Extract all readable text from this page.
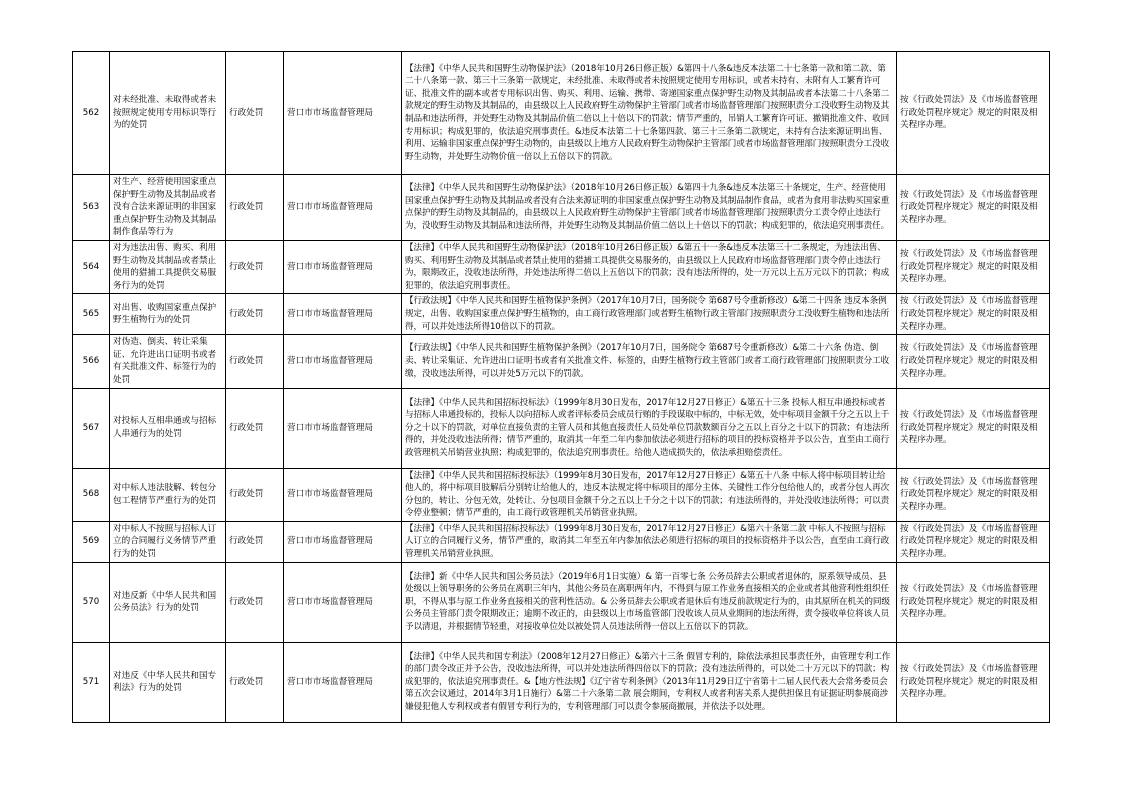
562	对未经批准、未取得或者未按照规定使用专用标识等行为的处罚	行政处罚	营口市市场监督管理局	【法律】《中华人民共和国野生动物保护法》（2018年10月26日修正版）&第四十八条&违反本法第二十七条第一款和第二款、第二十八条第一款、第三十三条第一款规定，未经批准、未取得或者未按照规定使用专用标识，或者未持有、未附有人工繁育许可证、批准文件的副本或者专用标识出售、购买、利用、运输、携带、寄递国家重点保护野生动物及其制品或者本法第二十八条第二款规定的野生动物及其制品的，由县级以上人民政府野生动物保护主管部门或者市场监督管理部门按照职责分工没收野生动物及其制品和违法所得，并处野生动物及其制品价值二倍以上十倍以下的罚款；情节严重的，吊销人工繁育许可证、撤销批准文件、收回专用标识；构成犯罪的，依法追究刑事责任。&违反本法第二十七条第四款、第三十三条第二款规定，未持有合法来源证明出售、利用、运输非国家重点保护野生动物的，由县级以上地方人民政府野生动物保护主管部门或者市场监督管理部门按照职责分工没收野生动物，并处野生动物价值一倍以上五倍以下的罚款。	按《行政处罚法》及《市场监督管理行政处罚程序规定》规定的时限及相关程序办理。
563	对生产、经营使用国家重点保护野生动物及其制品或者没有合法来源证明的非国家重点保护野生动物及其制品制作食品等行为	行政处罚	营口市市场监督管理局	【法律】《中华人民共和国野生动物保护法》（2018年10月26日修正版）&第四十九条&违反本法第三十条规定，生产、经营使用国家重点保护野生动物及其制品或者没有合法来源证明的非国家重点保护野生动物及其制品制作食品，或者为食用非法购买国家重点保护的野生动物及其制品的，由县级以上人民政府野生动物保护主管部门或者市场监督管理部门按照职责分工责令停止违法行为，没收野生动物及其制品和违法所得，并处野生动物及其制品价值二倍以上十倍以下的罚款；构成犯罪的，依法追究刑事责任。	按《行政处罚法》及《市场监督管理行政处罚程序规定》规定的时限及相关程序办理。
564	对为违法出售、购买、利用野生动物及其制品或者禁止使用的猎捕工具提供交易服务行为的处罚	行政处罚	营口市市场监督管理局	【法律】《中华人民共和国野生动物保护法》（2018年10月26日修正版）&第五十一条&违反本法第三十二条规定，为违法出售、购买、利用野生动物及其制品或者禁止使用的猎捕工具提供交易服务的，由县级以上人民政府市场监督管理部门责令停止违法行为，限期改正，没收违法所得，并处违法所得二倍以上五倍以下的罚款；没有违法所得的，处一万元以上五万元以下的罚款；构成犯罪的，依法追究刑事责任。	按《行政处罚法》及《市场监督管理行政处罚程序规定》规定的时限及相关程序办理。
565	对出售、收购国家重点保护野生植物行为的处罚	行政处罚	营口市市场监督管理局	【行政法规】《中华人民共和国野生植物保护条例》（2017年10月7日，国务院令 第687号令重新修改）&第二十四条 违反本条例规定，出售、收购国家重点保护野生植物的，由工商行政管理部门或者野生植物行政主管部门按照职责分工没收野生植物和违法所得，可以并处违法所得10倍以下的罚款。	按《行政处罚法》及《市场监督管理行政处罚程序规定》规定的时限及相关程序办理。
566	对伪造、倒卖、转让采集证、允许进出口证明书或者有关批准文件、标签行为的处罚	行政处罚	营口市市场监督管理局	【行政法规】《中华人民共和国野生植物保护条例》（2017年10月7日，国务院令 第687号令重新修改）&第二十六条 伪造、倒卖、转让采集证、允许进出口证明书或者有关批准文件、标签的，由野生植物行政主管部门或者工商行政管理部门按照职责分工收缴，没收违法所得，可以并处5万元以下的罚款。	按《行政处罚法》及《市场监督管理行政处罚程序规定》规定的时限及相关程序办理。
567	对投标人互相串通或与招标人串通行为的处罚	行政处罚	营口市市场监督管理局	【法律】《中华人民共和国招标投标法》（1999年8月30日发布，2017年12月27日修正）&第五十三条 投标人相互串通投标或者与招标人串通投标的，投标人以向招标人或者评标委员会成员行贿的手段谋取中标的，中标无效，处中标项目金额千分之五以上千分之十以下的罚款，对单位直接负责的主管人员和其他直接责任人员处单位罚款数额百分之五以上百分之十以下的罚款；有违法所得的，并处没收违法所得；情节严重的，取消其一年至二年内参加依法必须进行招标的项目的投标资格并予以公告，直至由工商行政管理机关吊销营业执照；构成犯罪的，依法追究刑事责任。给他人造成损失的，依法承担赔偿责任。	按《行政处罚法》及《市场监督管理行政处罚程序规定》规定的时限及相关程序办理。
568	对中标人违法肢解、转包分包工程情节严重行为的处罚	行政处罚	营口市市场监督管理局	【法律】《中华人民共和国招标投标法》（1999年8月30日发布，2017年12月27日修正）&第五十八条 中标人将中标项目转让给他人的，将中标项目肢解后分别转让给他人的，违反本法规定将中标项目的部分主体、关键性工作分包给他人的，或者分包人再次分包的，转让、分包无效，处转让、分包项目金额千分之五以上千分之十以下的罚款；有违法所得的，并处没收违法所得；可以责令停业整顿；情节严重的，由工商行政管理机关吊销营业执照。	按《行政处罚法》及《市场监督管理行政处罚程序规定》规定的时限及相关程序办理。
569	对中标人不按照与招标人订立的合同履行义务情节严重行为的处罚	行政处罚	营口市市场监督管理局	【法律】《中华人民共和国招标投标法》（1999年8月30日发布，2017年12月27日修正）&第六十条第二款 中标人不按照与招标人订立的合同履行义务，情节严重的，取消其二年至五年内参加依法必须进行招标的项目的投标资格并予以公告，直至由工商行政管理机关吊销营业执照。	按《行政处罚法》及《市场监督管理行政处罚程序规定》规定的时限及相关程序办理。
570	对违反新《中华人民共和国公务员法》行为的处罚	行政处罚	营口市市场监督管理局	【法律】新《中华人民共和国公务员法》（2019年6月1日实施）& 第一百零七条 公务员辞去公职或者退休的，原系领导成员、县处级以上领导职务的公务员在离职三年内，其他公务员在离职两年内，不得到与原工作业务直接相关的企业或者其他营利性组织任职，不得从事与原工作业务直接相关的营利性活动。& 公务员辞去公职或者退休后有违反前款规定行为的，由其原所在机关的同级公务员主管部门责令限期改正；逾期不改正的，由县级以上市场监管部门没收该人员从业期间的违法所得，责令接收单位将该人员予以清退，并根据情节轻重，对接收单位处以被处罚人员违法所得一倍以上五倍以下的罚款。	按《行政处罚法》及《市场监督管理行政处罚程序规定》规定的时限及相关程序办理。
571	对违反《中华人民共和国专利法》行为的处罚	行政处罚	营口市市场监督管理局	【法律】《中华人民共和国专利法》（2008年12月27日修正）&第六十三条 假冒专利的，除依法承担民事责任外，由管理专利工作的部门责令改正并予公告，没收违法所得，可以并处违法所得四倍以下的罚款；没有违法所得的，可以处二十万元以下的罚款；构成犯罪的，依法追究刑事责任。&【地方性法规】《辽宁省专利条例》（2013年11月29日辽宁省第十二届人民代表大会常务委员会第五次会议通过，2014年3月1日施行）&第二十六条第二款 展会期间，专利权人或者利害关系人提供担保且有证据证明参展商涉嫌侵犯他人专利权或者有假冒专利行为的，专利管理部门可以责令参展商撤展，并依法予以处理。	按《行政处罚法》及《市场监督管理行政处罚程序规定》规定的时限及相关程序办理。
